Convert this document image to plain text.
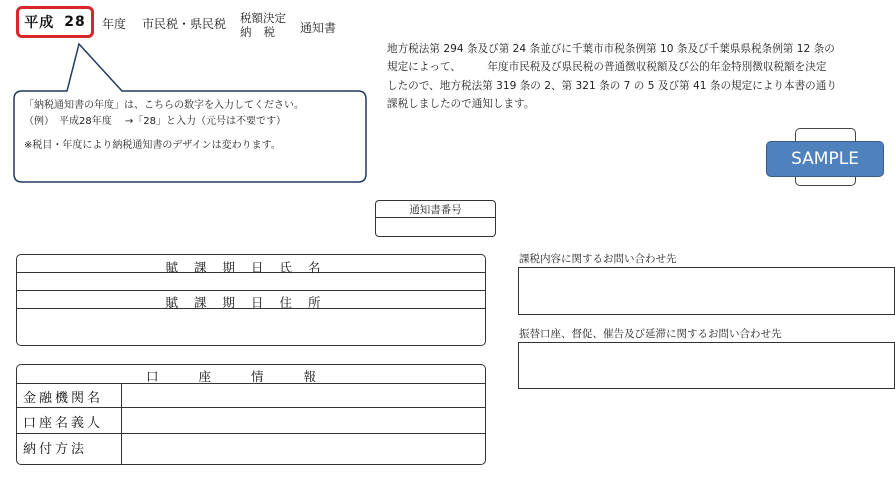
平成 28 年度 市民税・県民税 税額決定
納税 通知書
地方税法第 294 条及び第 24 条並びに千葉市市税条例第 10 条及び千葉県県税条例第 12 条の
規定によって、　　　年度市民税及び県民税の普通徴収税額及び公的年金特別徴収税額を決定
したので、地方税法第 319 条の 2、第 321 条の 7 の 5 及び第 41 条の規定により本書の通り
課税しましたので通知します。
「納税通知書の年度」は、こちらの数字を入力してください。
（例）　平成28年度　 →「28」と入力（元号は不要です）
※税目・年度により納税通知書のデザインは変わります。
SAMPLE
通知書番号
賦課期日氏名
賦課期日住所
口座情報
金融機関名
口座名義人
納付方法
課税内容に関するお問い合わせ先
振替口座、督促、催告及び延滞に関するお問い合わせ先
